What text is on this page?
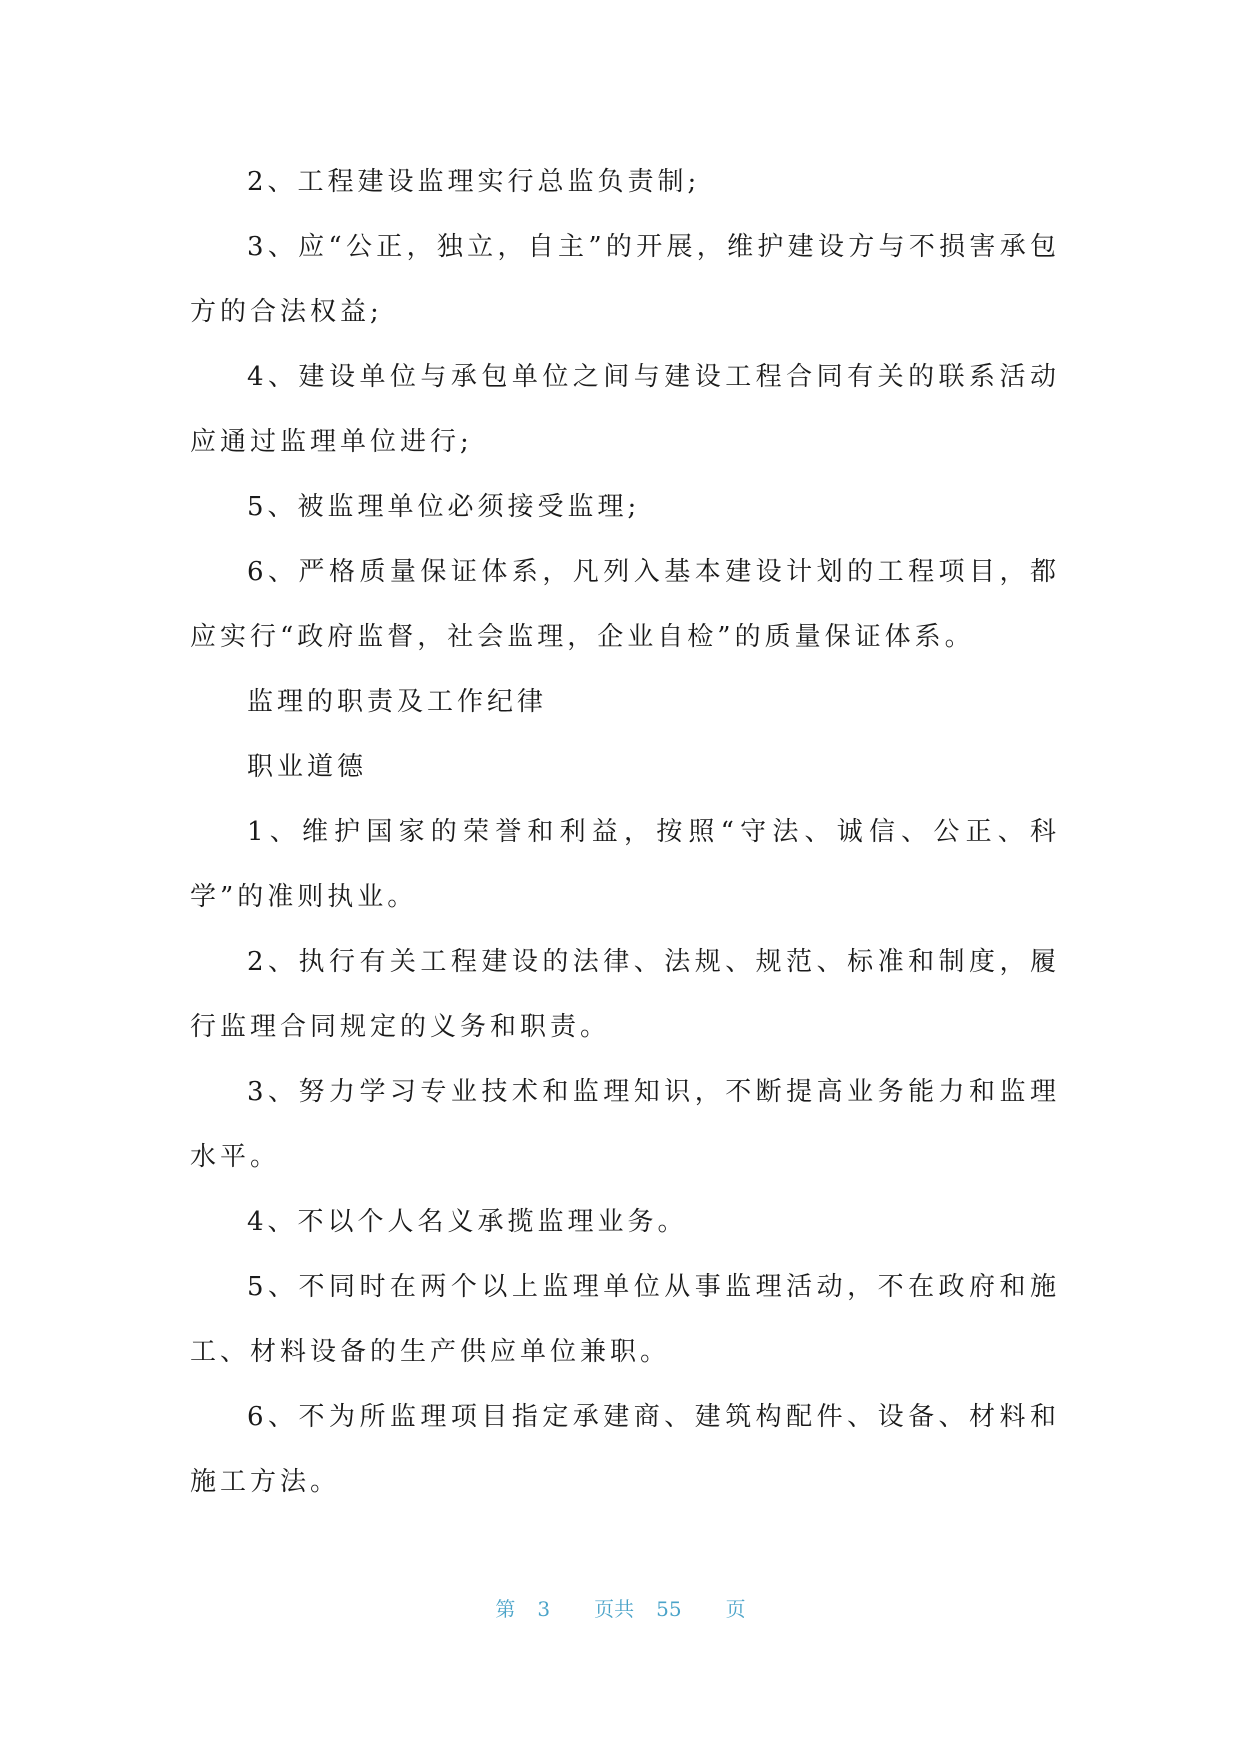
2、工程建设监理实行总监负责制;

3、应“公正，独立，自主”的开展，维护建设方与不损害承包方的合法权益;

4、建设单位与承包单位之间与建设工程合同有关的联系活动应通过监理单位进行;

5、被监理单位必须接受监理;

6、严格质量保证体系，凡列入基本建设计划的工程项目，都应实行“政府监督，社会监理，企业自检”的质量保证体系。

监理的职责及工作纪律

职业道德

1、维护国家的荣誉和利益，按照“守法、诚信、公正、科学”的准则执业。

2、执行有关工程建设的法律、法规、规范、标准和制度，履行监理合同规定的义务和职责。

3、努力学习专业技术和监理知识，不断提高业务能力和监理水平。

4、不以个人名义承揽监理业务。

5、不同时在两个以上监理单位从事监理活动，不在政府和施工、材料设备的生产供应单位兼职。

6、不为所监理项目指定承建商、建筑构配件、设备、材料和施工方法。

第 3 页共 55 页
